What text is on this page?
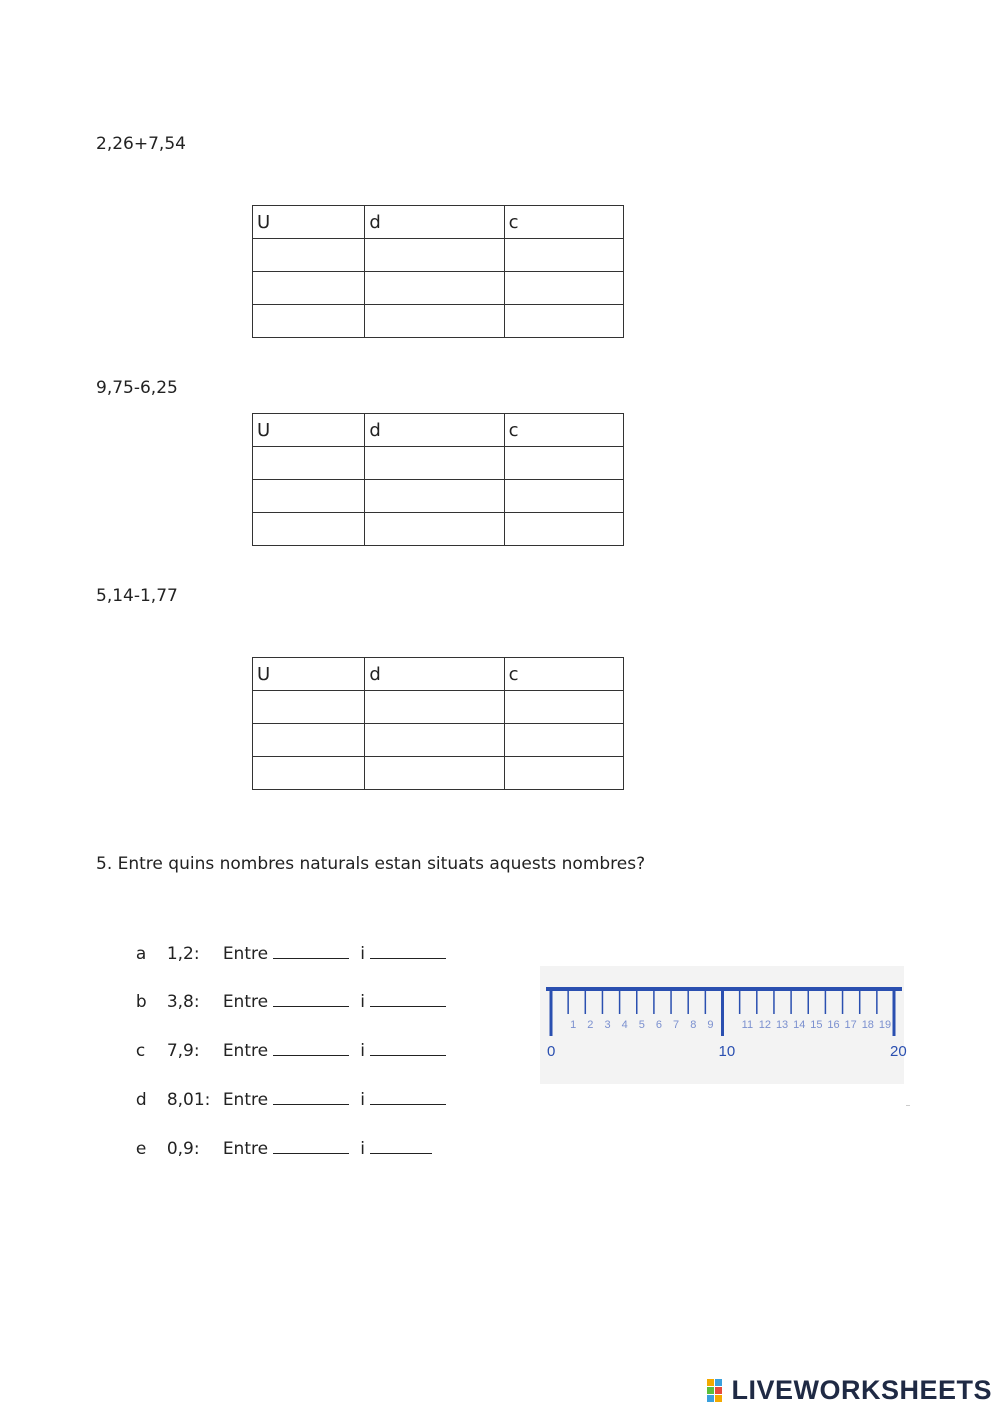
2,26+7,54
U	d	c

9,75-6,25
U	d	c

5,14-1,77
U	d	c

5. Entre quins nombres naturals estan situats aquests nombres?

a 1,2: Entre	i

b 3,8: Entre	i

c 7,9: Entre	i

d 8,01: Entre	i

e 0,9: Entre	i

0
1 2 3 4 5 6 7 8 9
10
11 12 13 14 15 16 17 18 19
20
LIVEWORKSHEETS
